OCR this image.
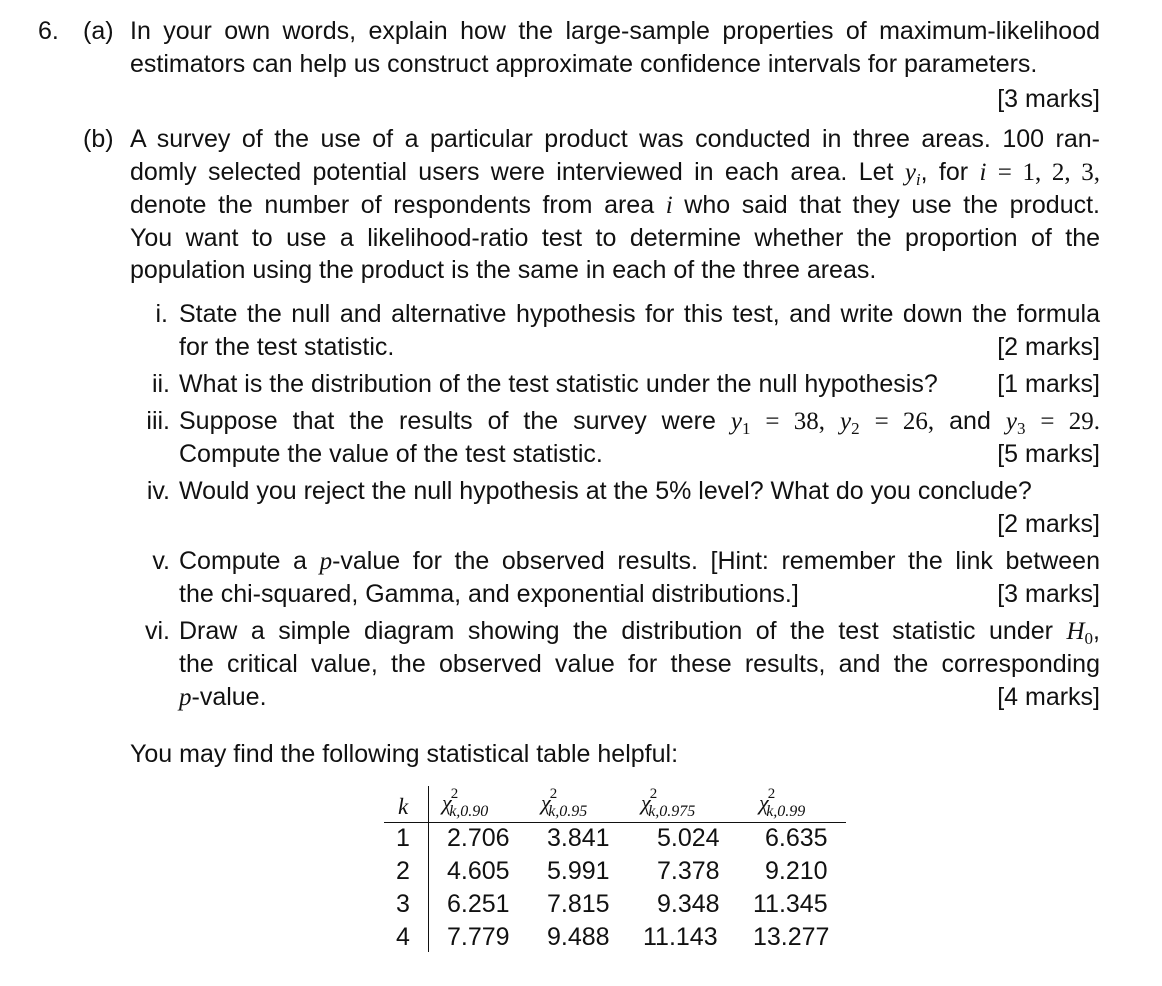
6. (a) In your own words, explain how the large-sample properties of maximum-likelihood
estimators can help us construct approximate confidence intervals for parameters.
[3 marks]
(b) A survey of the use of a particular product was conducted in three areas. 100 ran-
domly selected potential users were interviewed in each area. Let $y_i$, for i = 1, 2, 3,
denote the number of respondents from area i who said that they use the product.
You want to use a likelihood-ratio test to determine whether the proportion of the
population using the product is the same in each of the three areas.
i. State the null and alternative hypothesis for this test, and write down the formula
for the test statistic.	[2 marks]
ii. What is the distribution of the test statistic under the null hypothesis?	[1 marks]
iii. Suppose that the results of the survey were $y_1 = 38$, $y_2 = 26$, and $y_3 = 29$.
Compute the value of the test statistic.	[5 marks]
iv. Would you reject the null hypothesis at the 5% level? What do you conclude?
[2 marks]
v. Compute a p-value for the observed results. [Hint: remember the link between
the chi-squared, Gamma, and exponential distributions.]	[3 marks]
vi. Draw a simple diagram showing the distribution of the test statistic under $H_0$,
the critical value, the observed value for these results, and the corresponding
p-value.	[4 marks]
You may find the following statistical table helpful:
k $\chi^2_{k,0.90}$ $\chi^2_{k,0.95}$ $\chi^2_{k,0.975}$	$\chi^2_{k,0.99}$
1 2.706 3.841 5.024 6.635
2 4.605 5.991 7.378 9.210
3 6.251 7.815 9.348 11.345
4 7.779 9.488 11.143 13.277
